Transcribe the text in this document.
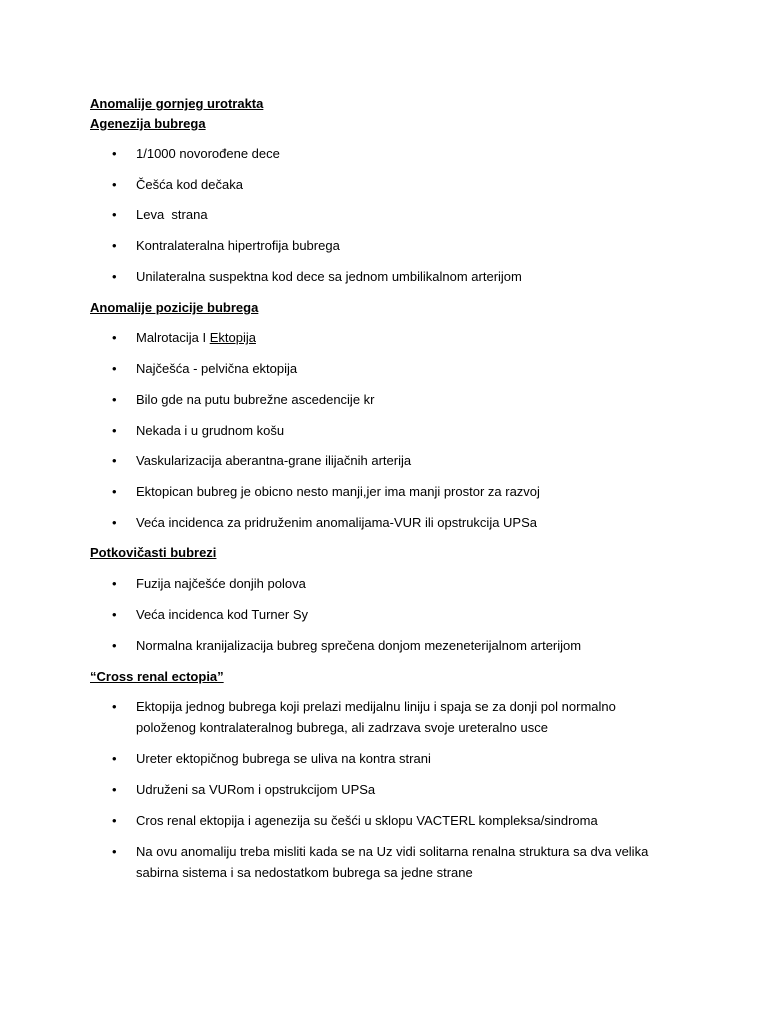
Anomalije gornjeg urotrakta
Agenezija bubrega
•	1/1000 novorođene dece
•	Češća kod dečaka
•	Leva  strana
•	Kontralateralna hipertrofija bubrega
•	Unilateralna suspektna kod dece sa jednom umbilikalnom arterijom
Anomalije pozicije bubrega
•	Malrotacija I Ektopija
•	Najčešća - pelvična ektopija
•	Bilo gde na putu bubrežne ascedencije kr
•	Nekada i u grudnom košu
•	Vaskularizacija aberantna-grane ilijačnih arterija
•	Ektopican bubreg je obicno nesto manji,jer ima manji prostor za razvoj
•	Veća incidenca za pridruženim anomalijama-VUR ili opstrukcija UPSa
Potkovičasti bubrezi
•	Fuzija najčešće donjih polova
•	Veća incidenca kod Turner Sy
•	Normalna kranijalizacija bubreg sprečena donjom mezeneterijalnom arterijom
“Cross renal ectopia”
•	Ektopija jednog bubrega koji prelazi medijalnu liniju i spaja se za donji pol normalno položenog kontralateralnog bubrega, ali zadrzava svoje ureteralno usce
•	Ureter ektopičnog bubrega se uliva na kontra strani
•	Udruženi sa VURom i opstrukcijom UPSa
•	Cros renal ektopija i agenezija su češći u sklopu VACTERL kompleksa/sindroma
•	Na ovu anomaliju treba misliti kada se na Uz vidi solitarna renalna struktura sa dva velika sabirna sistema i sa nedostatkom bubrega sa jedne strane
